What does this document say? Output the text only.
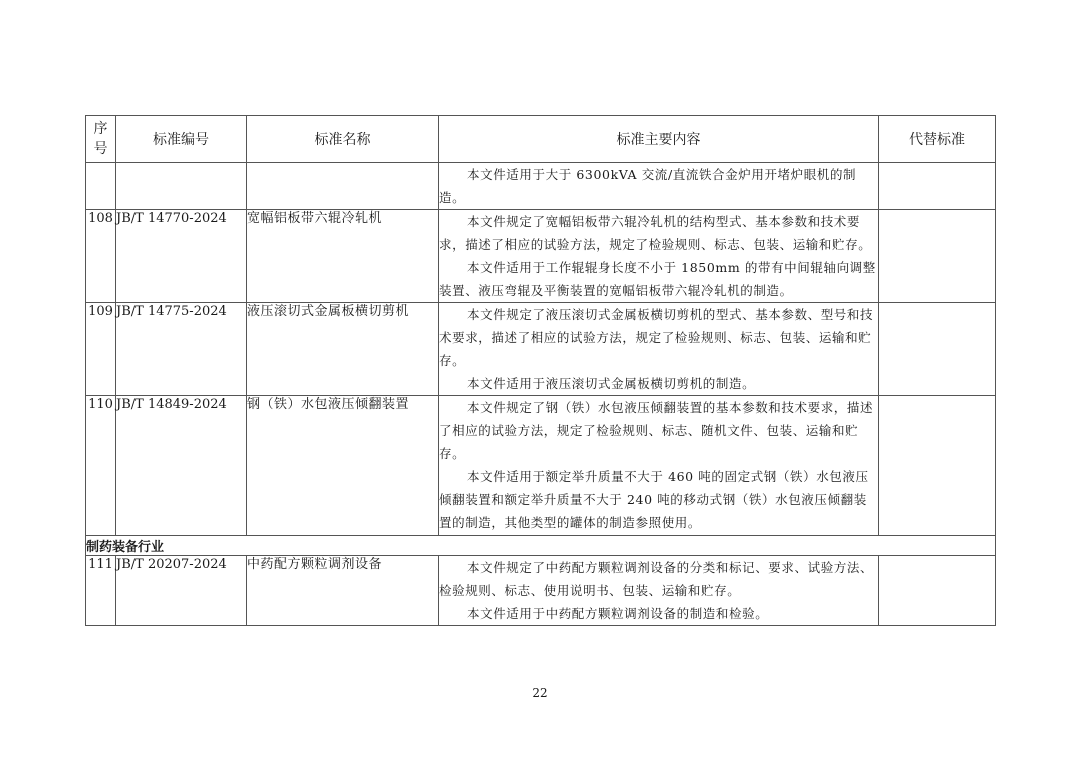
序
号	标准编号	标准名称	标准主要内容	代替标准

			本文件适用于大于 6300kVA 交流/直流铁合金炉用开堵炉眼机的制造。	

108	JB/T 14770-2024	宽幅铝板带六辊冷轧机	本文件规定了宽幅铝板带六辊冷轧机的结构型式、基本参数和技术要求，描述了相应的试验方法，规定了检验规则、标志、包装、运输和贮存。

本文件适用于工作辊辊身长度不小于 1850mm 的带有中间辊轴向调整装置、液压弯辊及平衡装置的宽幅铝板带六辊冷轧机的制造。	

109	JB/T 14775-2024	液压滚切式金属板横切剪机	本文件规定了液压滚切式金属板横切剪机的型式、基本参数、型号和技术要求，描述了相应的试验方法，规定了检验规则、标志、包装、运输和贮存。

本文件适用于液压滚切式金属板横切剪机的制造。	

110	JB/T 14849-2024	钢（铁）水包液压倾翻装置	本文件规定了钢（铁）水包液压倾翻装置的基本参数和技术要求，描述了相应的试验方法，规定了检验规则、标志、随机文件、包装、运输和贮存。

本文件适用于额定举升质量不大于 460 吨的固定式钢（铁）水包液压倾翻装置和额定举升质量不大于 240 吨的移动式钢（铁）水包液压倾翻装置的制造，其他类型的罐体的制造参照使用。	

制药装备行业				
111	JB/T 20207-2024	中药配方颗粒调剂设备	本文件规定了中药配方颗粒调剂设备的分类和标记、要求、试验方法、检验规则、标志、使用说明书、包装、运输和贮存。

本文件适用于中药配方颗粒调剂设备的制造和检验。	

22
